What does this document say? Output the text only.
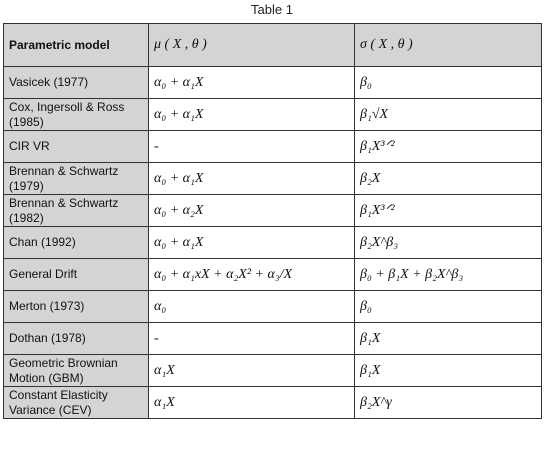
Table 1
Parametric model	μ ( X , θ )	σ ( X , θ )
Vasicek (1977)	α₀ + α₁X	β₀
Cox, Ingersoll & Ross (1985)	α₀ + α₁X	β₁√X
CIR VR	-	β₁X³ᐟ²
Brennan & Schwartz (1979)	α₀ + α₁X	β₂X
Brennan & Schwartz (1982)	α₀ + α₂X	β₁X³ᐟ²
Chan (1992)	α₀ + α₁X	β₂X^β₃
General Drift	α₀ + α₁xX + α₂X² + α₃/X	β₀ + β₁X + β₂X^β₃
Merton (1973)	α₀	β₀
Dothan (1978)	-	β₁X
Geometric Brownian Motion (GBM)	α₁X	β₁X
Constant Elasticity Variance (CEV)	α₁X	β₂X^γ
